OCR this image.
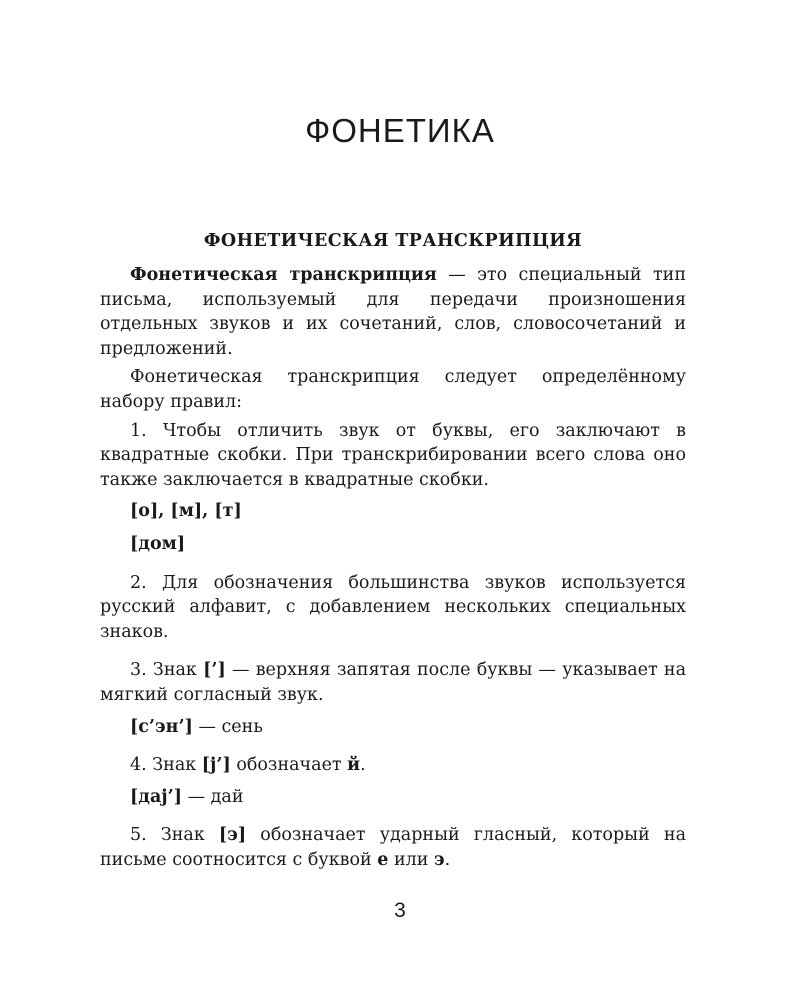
ФОНЕТИКА
ФОНЕТИЧЕСКАЯ ТРАНСКРИПЦИЯ

Фонетическая транскрипция — это специальный тип письма, используемый для передачи произношения отдельных звуков и их сочетаний, слов, словосочетаний и предложений.

Фонетическая транскрипция следует определённому набору правил:

1. Чтобы отличить звук от буквы, его заключают в квадратные скобки. При транскрибировании всего слова оно также заключается в квадратные скобки.

[о], [м], [т]

[дом]

2. Для обозначения большинства звуков используется русский алфавит, с добавлением нескольких специальных знаков.

3. Знак [’] — верхняя запятая после буквы — указывает на мягкий согласный звук.

[с’эн’] — сень

4. Знак [j’] обозначает й.

[даj’] — дай

5. Знак [э] обозначает ударный гласный, который на письме соотносится с буквой е или э.

3
